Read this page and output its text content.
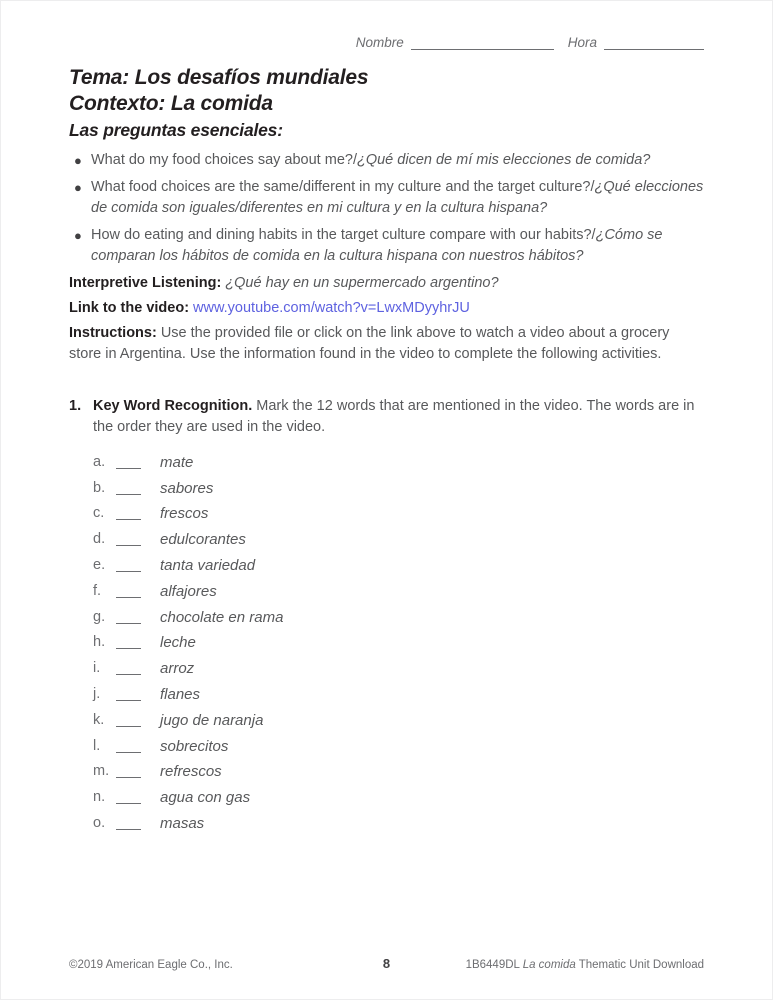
Nombre	Hora
Tema: Los desafíos mundiales
Contexto: La comida
Las preguntas esenciales:
● What do my food choices say about me?/¿Qué dicen de mí mis elecciones de comida?
● What food choices are the same/different in my culture and the target culture?/¿Qué elecciones de comida son iguales/diferentes en mi cultura y en la cultura hispana?
● How do eating and dining habits in the target culture compare with our habits?/¿Cómo se comparan los hábitos de comida en la cultura hispana con nuestros hábitos?

Interpretive Listening: ¿Qué hay en un supermercado argentino?

Link to the video: www.youtube.com/watch?v=LwxMDyyhrJU

Instructions: Use the provided file or click on the link above to watch a video about a grocery store in Argentina. Use the information found in the video to complete the following activities.

1. Key Word Recognition. Mark the 12 words that are mentioned in the video. The words are in the order they are used in the video.
a.	mate
b.	sabores
c.	frescos
d.	edulcorantes
e.	tanta variedad
f.	alfajores
g.	chocolate en rama
h.	leche
i.	arroz
j.	flanes
k.	jugo de naranja
l.	sobrecitos
m.	refrescos
n.	agua con gas
o.	masas
©2019 American Eagle Co., Inc.	8	1B6449DL La comida Thematic Unit Download
